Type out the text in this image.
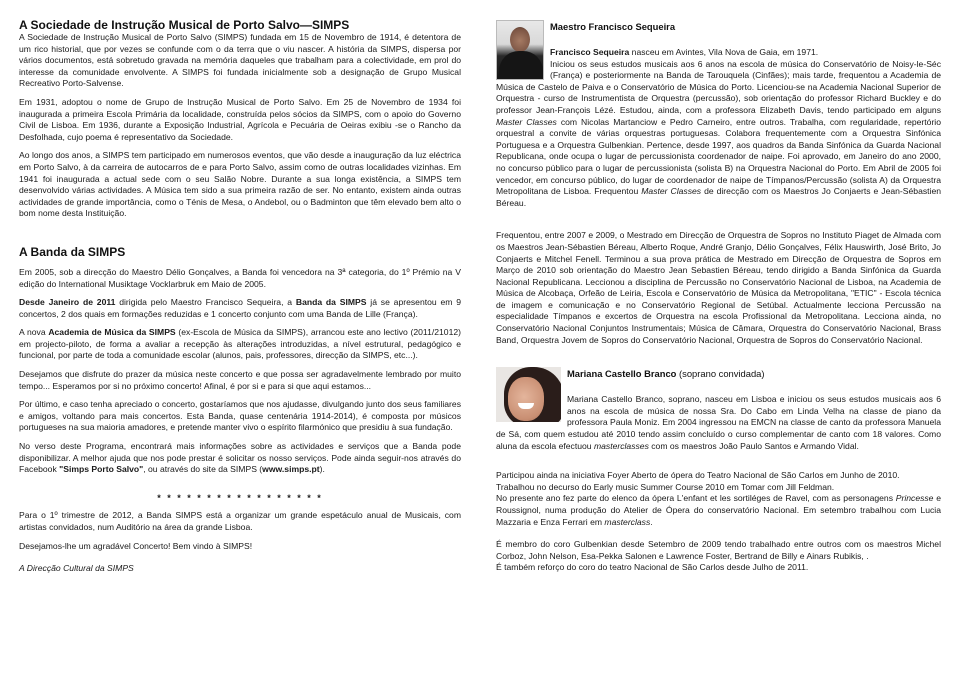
A Sociedade de Instrução Musical de Porto Salvo—SIMPS

A Sociedade de Instrução Musical de Porto Salvo (SIMPS) fundada em 15 de Novembro de 1914, é detentora de um rico historial, que por vezes se confunde com o da terra que o viu nascer. A história da SIMPS, dispersa por vários documentos, está sobretudo gravada na memória daqueles que trabalham para a colectividade, em prol do interesse da comunidade envolvente. A SIMPS foi fundada inicialmente sob a designação de Grupo Musical Recreativo Porto-Salvense.

Em 1931, adoptou o nome de Grupo de Instrução Musical de Porto Salvo. Em 25 de Novembro de 1934 foi inaugurada a primeira Escola Primária da localidade, construída pelos sócios da SIMPS, com o apoio do Governo Civil de Lisboa. Em 1936, durante a Exposição Industrial, Agrícola e Pecuária de Oeiras exibiu -se o Rancho da Desfolhada, cujo poema é representativo da Sociedade.

Ao longo dos anos, a SIMPS tem participado em numerosos eventos, que vão desde a inauguração da luz eléctrica em Porto Salvo, à da carreira de autocarros de e para Porto Salvo, assim como de outras localidades vizinhas. Em 1941 foi inaugurada a actual sede com o seu Salão Nobre. Durante a sua longa existência, a SIMPS tem desenvolvido várias actividades. A Música tem sido a sua primeira razão de ser. No entanto, existem ainda outras actividades de grande importância, como o Ténis de Mesa, o Andebol, ou o Badminton que têm elevado bem alto o bom nome desta Instituição.

A Banda da SIMPS

Em 2005, sob a direcção do Maestro Délio Gonçalves, a Banda foi vencedora na 3ª categoria, do 1º Prémio na V edição do International Musiktage Vocklarbruk em Maio de 2005.

Desde Janeiro de 2011 dirigida pelo Maestro Francisco Sequeira, a Banda da SIMPS já se apresentou em 9 concertos, 2 dos quais em formações reduzidas e 1 concerto conjunto com uma Banda de Lille (França).

A nova Academia de Música da SIMPS (ex-Escola de Música da SIMPS), arrancou este ano lectivo (2011/21012) em projecto-piloto, de forma a avaliar a recepção às alterações introduzidas, a nível estrutural, pedagógico e funcional, por parte de toda a comunidade escolar (alunos, pais, professores, direcção da SIMPS, etc...).

Desejamos que disfrute do prazer da música neste concerto e que possa ser agradavelmente lembrado por muito tempo... Esperamos por si no próximo concerto! Afinal, é por si e para si que aqui estamos...

Por último, e caso tenha apreciado o concerto, gostaríamos que nos ajudasse, divulgando junto dos seus familiares e amigos, voltando para mais concertos. Esta Banda, quase centenária 1914-2014), é composta por músicos portugueses na sua maioria amadores, e pretende manter vivo o espírito filarmónico que presidiu à sua fundação.

No verso deste Programa, encontrará mais informações sobre as actividades e serviços que a Banda pode disponibilizar. A melhor ajuda que nos pode prestar é solicitar os nosso serviços. Pode ainda seguir-nos através do Facebook "Simps Porto Salvo", ou através do site da SIMPS (www.simps.pt).

* * * * * * * * * * * * * * * * *

Para o 1º trimestre de 2012, a Banda SIMPS está a organizar um grande espetáculo anual de Musicais, com artistas convidados, num Auditório na área da grande Lisboa.

Desejamos-lhe um agradável Concerto! Bem vindo à SIMPS!

A Direcção Cultural da SIMPS

Maestro Francisco Sequeira

Francisco Sequeira nasceu em Avintes, Vila Nova de Gaia, em 1971.

Iniciou os seus estudos musicais aos 6 anos na escola de música do Conservatório de Noisy-le-Séc (França) e posteriormente na Banda de Tarouquela (Cinfães); mais tarde, frequentou a Academia de Música de Castelo de Paiva e o Conservatório de Música do Porto. Licenciou-se na Academia Nacional Superior de Orquestra - curso de Instrumentista de Orquestra (percussão), sob orientação do professor Richard Buckley e do professor Jean-François Lézé. Estudou, ainda, com a professora Elizabeth Davis, tendo participado em alguns Master Classes com Nicolas Martanciow e Pedro Carneiro, entre outros. Trabalha, com regularidade, repertório orquestral a convite de várias orquestras portuguesas. Colabora frequentemente com a Orquestra Sinfónica Portuguesa e a Orquestra Gulbenkian. Pertence, desde 1997, aos quadros da Banda Sinfónica da Guarda Nacional Republicana, onde ocupa o lugar de percussionista coordenador de naipe. Foi aprovado, em Janeiro do ano 2000, no concurso público para o lugar de percussionista (solista B) na Orquestra Nacional do Porto. Em Abril de 2005 foi vencedor, em concurso público, do lugar de coordenador de naipe de Tímpanos/Percussão (solista A) da Orquestra Metropolitana de Lisboa. Frequentou Master Classes de direcção com os Maestros Jo Conjaerts e Jean-Sébastien Béreau.

Frequentou, entre 2007 e 2009, o Mestrado em Direcção de Orquestra de Sopros no Instituto Piaget de Almada com os Maestros Jean-Sébastien Béreau, Alberto Roque, André Granjo, Délio Gonçalves, Félix Hauswirth, José Brito, Jo Conjaerts e Mitchel Fenell. Terminou a sua prova prática de Mestrado em Direcção de Orquestra de Sopros em Março de 2010 sob orientação do Maestro Jean Sebastien Béreau, tendo dirigido a Banda Sinfónica da Guarda Nacional Republicana. Leccionou a disciplina de Percussão no Conservatório Nacional de Lisboa, na Academia de Música de Alcobaça, Orfeão de Leiria, Escola e Conservatório de Música da Metropolitana, "ETIC" - Escola técnica de imagem e comunicação e no Conservatório Regional de Setúbal. Actualmente lecciona Percussão na especialidade Tímpanos e excertos de Orquestra na escola Profissional da Metropolitana. Lecciona ainda, no Conservatório Nacional Conjuntos Instrumentais; Música de Câmara, Orquestra do Conservatório Nacional, Brass Band, Orquestra Jovem de Sopros do Conservatório Nacional, Orquestra de Sopros do Conservatório Nacional.

Mariana Castello Branco (soprano convidada)

Mariana Castello Branco, soprano, nasceu em Lisboa e iniciou os seus estudos musicais aos 6 anos na escola de música de nossa Sra. Do Cabo em Linda Velha na classe de piano da professora Paula Moniz. Em 2004 ingressou na EMCN na classe de canto da professora Manuela de Sá, com quem estudou até 2010 tendo assim concluído o curso complementar de canto com 18 valores. Como aluna da escola efectuou masterclasses com os maestros João Paulo Santos e Armando Vidal.

Participou ainda na iniciativa Foyer Aberto de ópera do Teatro Nacional de São Carlos em Junho de 2010.
Trabalhou no decurso do Early music Summer Course 2010 em Tomar com Jill Feldman.
No presente ano fez parte do elenco da ópera L'enfant et les sortiléges de Ravel, com as personagens Princesse e Roussignol, numa produção do Atelier de Ópera do conservatório Nacional. Em setembro trabalhou com Lucia Mazzaria e Enza Ferrari em masterclass.
É membro do coro Gulbenkian desde Setembro de 2009 tendo trabalhado entre outros com os maestros Michel Corboz, John Nelson, Esa-Pekka Salonen e Lawrence Foster, Bertrand de Billy e Ainars Rubikis, .
É também reforço do coro do teatro Nacional de São Carlos desde Julho de 2011.
